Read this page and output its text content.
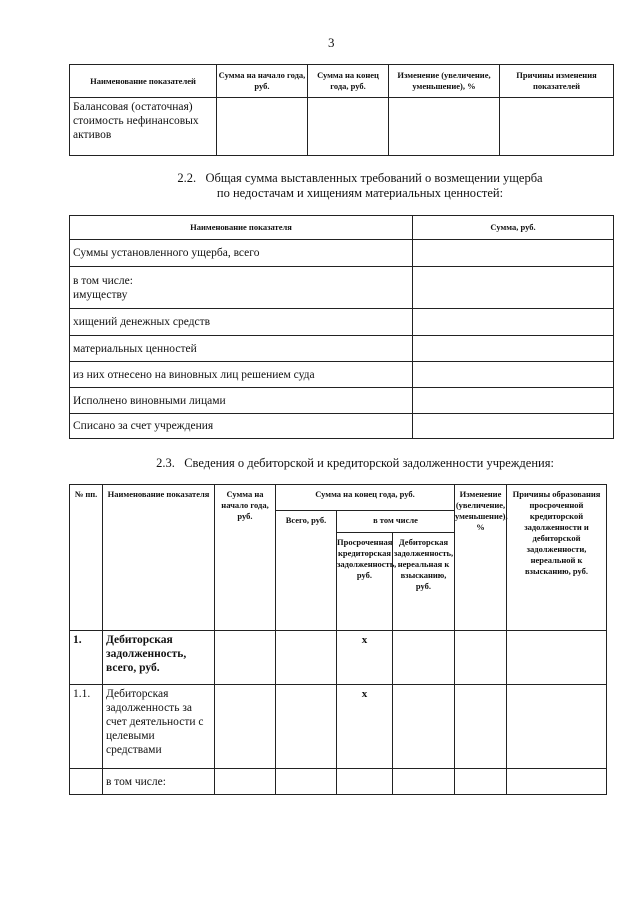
3
Наименование показателей	Сумма на начало года, руб.	Сумма на конец года, руб.	Изменение (увеличение, уменьшение), %	Причины изменения показателей
Балансовая (остаточная) стоимость нефинансовых активов				
2.2. Общая сумма выставленных требований о возмещении ущерба
по недостачам и хищениям материальных ценностей:
Наименование показателя	Сумма, руб.
Суммы установленного ущерба, всего	
в том числе:
имуществу	
хищений денежных средств	
материальных ценностей	
из них отнесено на виновных лиц решением суда	
Исполнено виновными лицами	
Списано за счет учреждения	
2.3. Сведения о дебиторской и кредиторской задолженности учреждения:
№ пп.	Наименование показателя	Сумма на начало года, руб.	Сумма на конец года, руб.			Изменение (увеличение, уменьшение), %	Причины образования просроченной кредиторской задолженности и дебиторской задолженности, нереальной к взысканию, руб.
			Всего, руб.	в том числе			
				Просроченная кредиторская задолженность, руб.	Дебиторская задолженность, нереальная к взысканию, руб.		
1.	Дебиторская задолженность, всего, руб.			x			
1.1.	Дебиторская задолженность за счет деятельности с целевыми средствами			x			
	в том числе:						
